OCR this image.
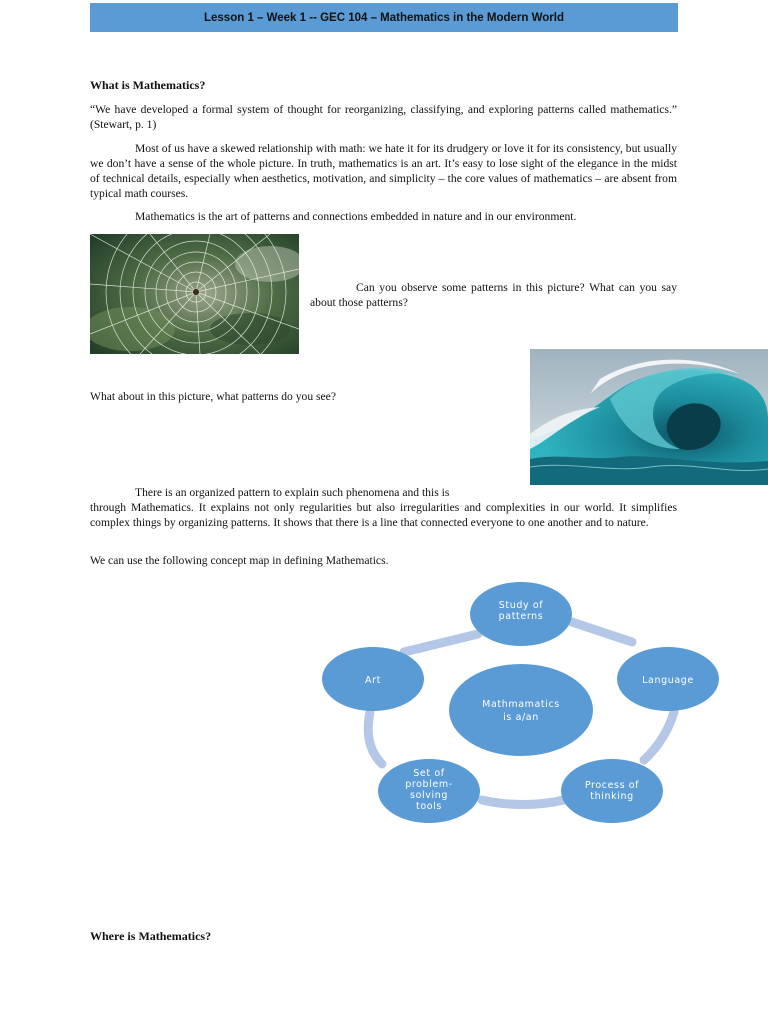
Lesson 1 – Week 1 -- GEC 104 – Mathematics in the Modern World

What is Mathematics?

“We have developed a formal system of thought for reorganizing, classifying, and exploring patterns called mathematics.” (Stewart, p. 1)

Most of us have a skewed relationship with math: we hate it for its drudgery or love it for its consistency, but usually we don’t have a sense of the whole picture. In truth, mathematics is an art. It’s easy to lose sight of the elegance in the midst of technical details, especially when aesthetics, motivation, and simplicity – the core values of mathematics – are absent from typical math courses.

Mathematics is the art of patterns and connections embedded in nature and in our environment.

Can you observe some patterns in this picture? What can you say about those patterns?

What about in this picture, what patterns do you see?

There is an organized pattern to explain such phenomena and this is

through Mathematics. It explains not only regularities but also irregularities and complexities in our world. It simplifies complex things by organizing patterns. It shows that there is a line that connected everyone to one another and to nature.

We can use the following concept map in defining Mathematics.

Mathmamatics
is a/an
Study of
patterns
Language
Process of
thinking
Set of
problem-
solving
tools
Art

Where is Mathematics?
